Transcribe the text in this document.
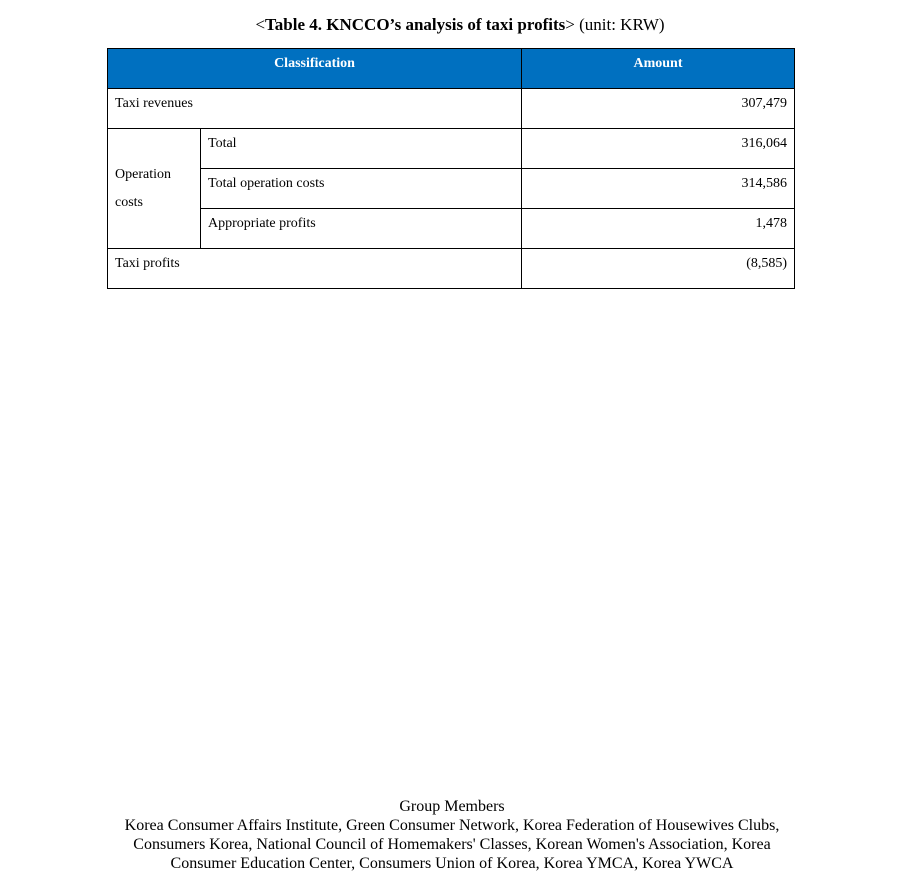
<Table 4. KNCCO’s analysis of taxi profits> (unit: KRW)
Classification		Amount
Taxi revenues		307,479
Operation costs	Total	316,064
	Total operation costs	314,586
	Appropriate profits	1,478
Taxi profits		(8,585)
Group Members
Korea Consumer Affairs Institute, Green Consumer Network, Korea Federation of Housewives Clubs, Consumers Korea, National Council of Homemakers' Classes, Korean Women's Association, Korea Consumer Education Center, Consumers Union of Korea, Korea YMCA, Korea YWCA
